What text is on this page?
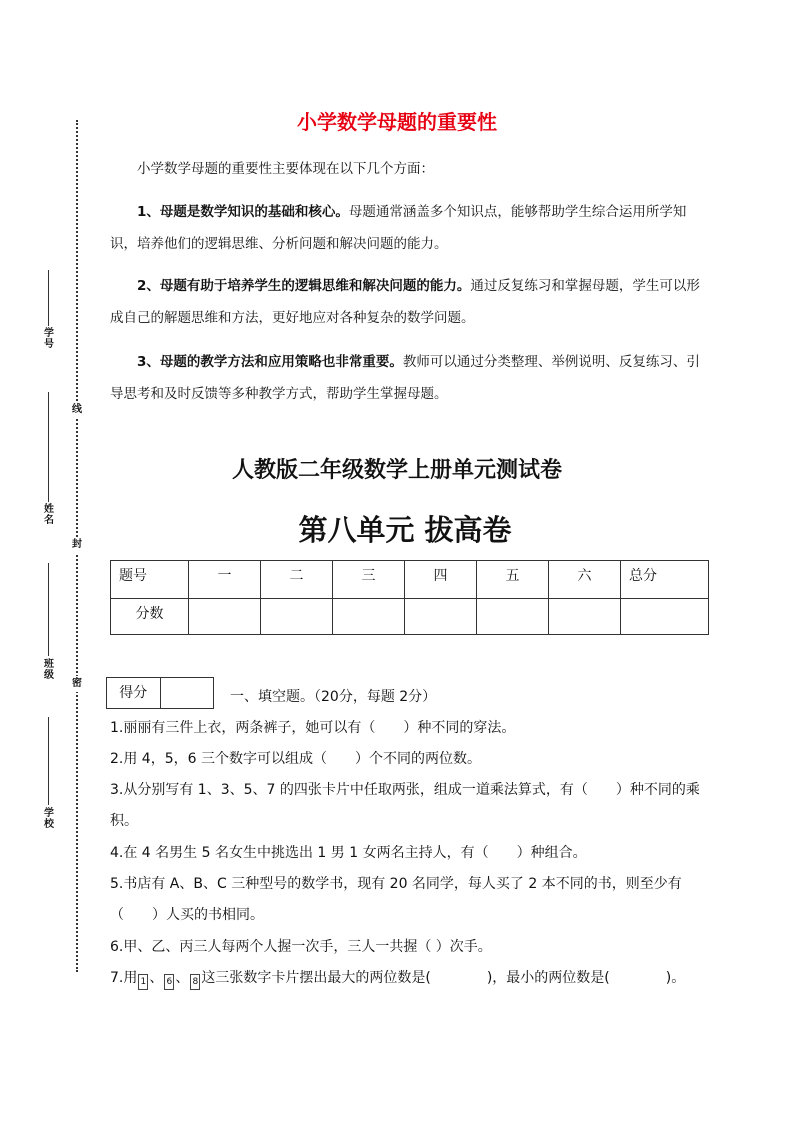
线
封
密
学号
姓名
班级
学校
小学数学母题的重要性

小学数学母题的重要性主要体现在以下几个方面：

1、母题是数学知识的基础和核心。母题通常涵盖多个知识点，能够帮助学生综合运用所学知识，培养他们的逻辑思维、分析问题和解决问题的能力。

2、母题有助于培养学生的逻辑思维和解决问题的能力。通过反复练习和掌握母题，学生可以形成自己的解题思维和方法，更好地应对各种复杂的数学问题。

3、母题的教学方法和应用策略也非常重要。教师可以通过分类整理、举例说明、反复练习、引导思考和及时反馈等多种教学方式，帮助学生掌握母题。

人教版二年级数学上册单元测试卷
第八单元 拔高卷
题号	一	二	三	四	五	六	总分
分数							
得分	一、填空题。（20分，每题 2分）

1.丽丽有三件上衣，两条裤子，她可以有（　　）种不同的穿法。

2.用 4，5，6 三个数字可以组成（　　）个不同的两位数。

3.从分别写有 1、3、5、7 的四张卡片中任取两张，组成一道乘法算式，有（　　）种不同的乘积。

4.在 4 名男生 5 名女生中挑选出 1 男 1 女两名主持人，有（　　）种组合。

5.书店有 A、B、C 三种型号的数学书，现有 20 名同学，每人买了 2 本不同的书，则至少有（　　）人买的书相同。

6.甲、乙、丙三人每两个人握一次手，三人一共握（ ）次手。

7.用 1 、 6 、 8 这三张数字卡片摆出最大的两位数是(　　　　)，最小的两位数是(　　　　)。
